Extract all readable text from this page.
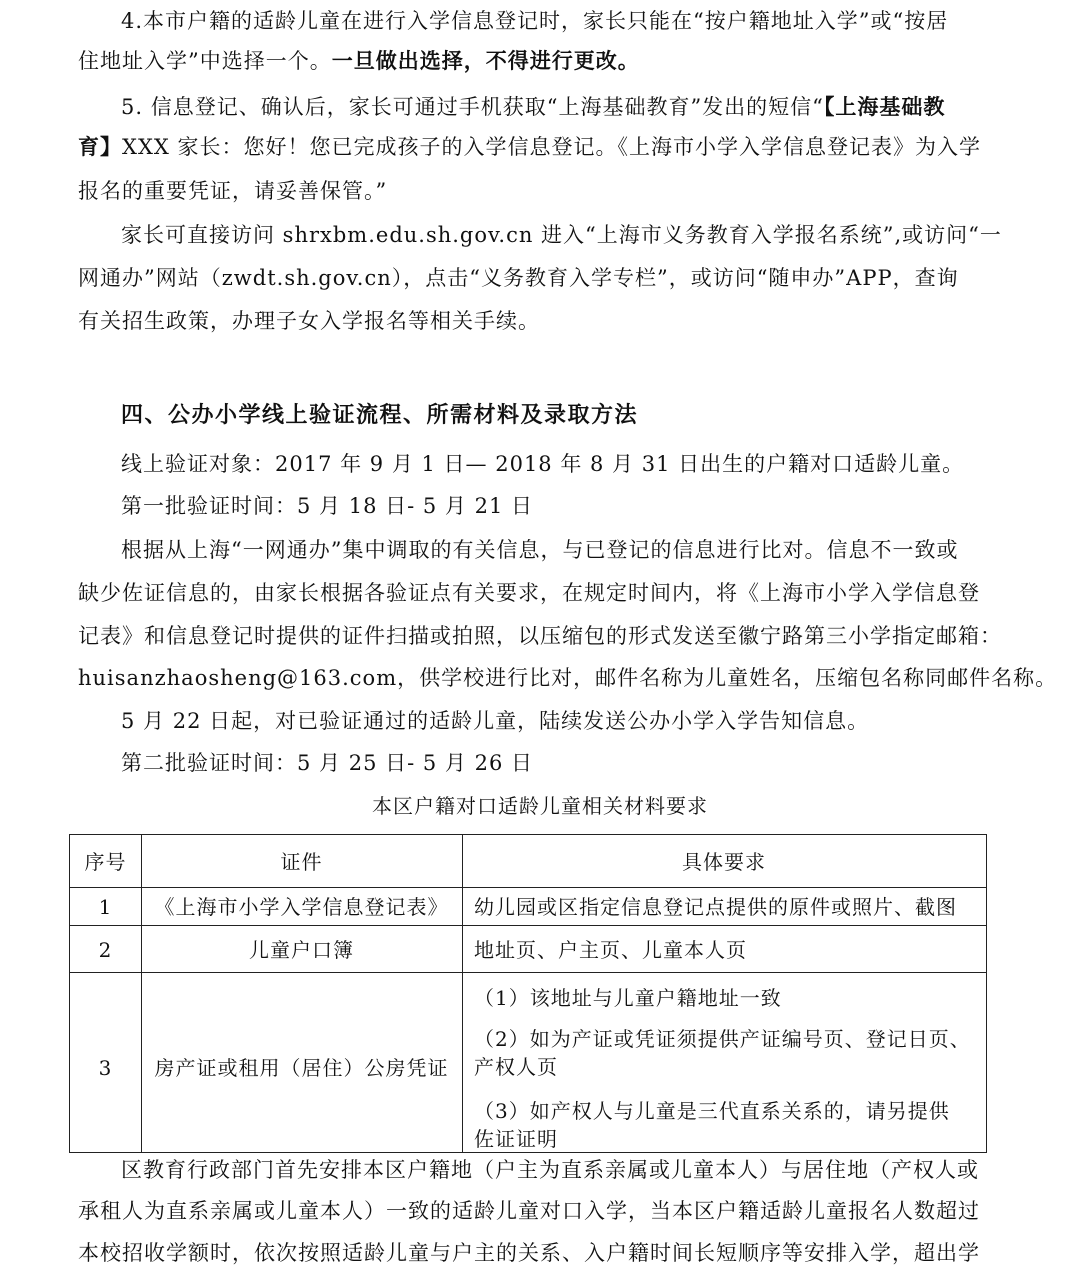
4.本市户籍的适龄儿童在进行入学信息登记时，家长只能在“按户籍地址入学”或“按居
住地址入学”中选择一个。一旦做出选择，不得进行更改。
5. 信息登记、确认后，家长可通过手机获取“上海基础教育”发出的短信“【上海基础教
育】XXX 家长：您好！您已完成孩子的入学信息登记。《上海市小学入学信息登记表》为入学
报名的重要凭证，请妥善保管。”
家长可直接访问 shrxbm.edu.sh.gov.cn 进入“上海市义务教育入学报名系统”,或访问“一
网通办”网站（zwdt.sh.gov.cn），点击“义务教育入学专栏”，或访问“随申办”APP，查询
有关招生政策，办理子女入学报名等相关手续。
四、公办小学线上验证流程、所需材料及录取方法
线上验证对象：2017 年 9 月 1 日— 2018 年 8 月 31 日出生的户籍对口适龄儿童。
第一批验证时间：5 月 18 日- 5 月 21 日
根据从上海“一网通办”集中调取的有关信息，与已登记的信息进行比对。信息不一致或
缺少佐证信息的，由家长根据各验证点有关要求，在规定时间内，将《上海市小学入学信息登
记表》和信息登记时提供的证件扫描或拍照，以压缩包的形式发送至徽宁路第三小学指定邮箱：
huisanzhaosheng@163.com，供学校进行比对，邮件名称为儿童姓名，压缩包名称同邮件名称。
5 月 22 日起，对已验证通过的适龄儿童，陆续发送公办小学入学告知信息。
第二批验证时间：5 月 25 日- 5 月 26 日
本区户籍对口适龄儿童相关材料要求
序号	证件	具体要求
1	《上海市小学入学信息登记表》	幼儿园或区指定信息登记点提供的原件或照片、截图
2	儿童户口簿	地址页、户主页、儿童本人页
3	房产证或租用（居住）公房凭证
（1）该地址与儿童户籍地址一致
（2）如为产证或凭证须提供产证编号页、登记日页、
产权人页
（3）如产权人与儿童是三代直系关系的，请另提供
佐证证明
区教育行政部门首先安排本区户籍地（户主为直系亲属或儿童本人）与居住地（产权人或
承租人为直系亲属或儿童本人）一致的适龄儿童对口入学，当本区户籍适龄儿童报名人数超过
本校招收学额时，依次按照适龄儿童与户主的关系、入户籍时间长短顺序等安排入学，超出学
